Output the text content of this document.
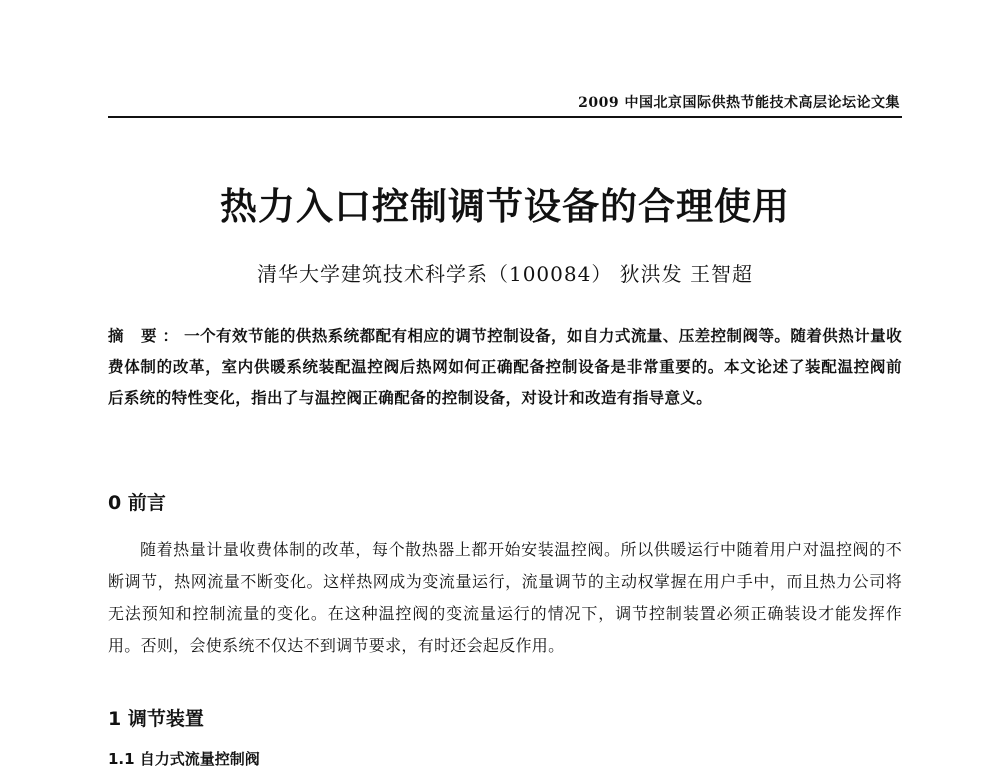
2009 中国北京国际供热节能技术高层论坛论文集
热力入口控制调节设备的合理使用
清华大学建筑技术科学系（100084） 狄洪发 王智超
摘 要：一个有效节能的供热系统都配有相应的调节控制设备，如自力式流量、压差控制阀等。随着供热计量收费体制的改革，室内供暖系统装配温控阀后热网如何正确配备控制设备是非常重要的。本文论述了装配温控阀前后系统的特性变化，指出了与温控阀正确配备的控制设备，对设计和改造有指导意义。
0 前言
随着热量计量收费体制的改革，每个散热器上都开始安装温控阀。所以供暖运行中随着用户对温控阀的不断调节，热网流量不断变化。这样热网成为变流量运行，流量调节的主动权掌握在用户手中，而且热力公司将无法预知和控制流量的变化。在这种温控阀的变流量运行的情况下，调节控制装置必须正确装设才能发挥作用。否则，会使系统不仅达不到调节要求，有时还会起反作用。
1 调节装置
1.1 自力式流量控制阀
